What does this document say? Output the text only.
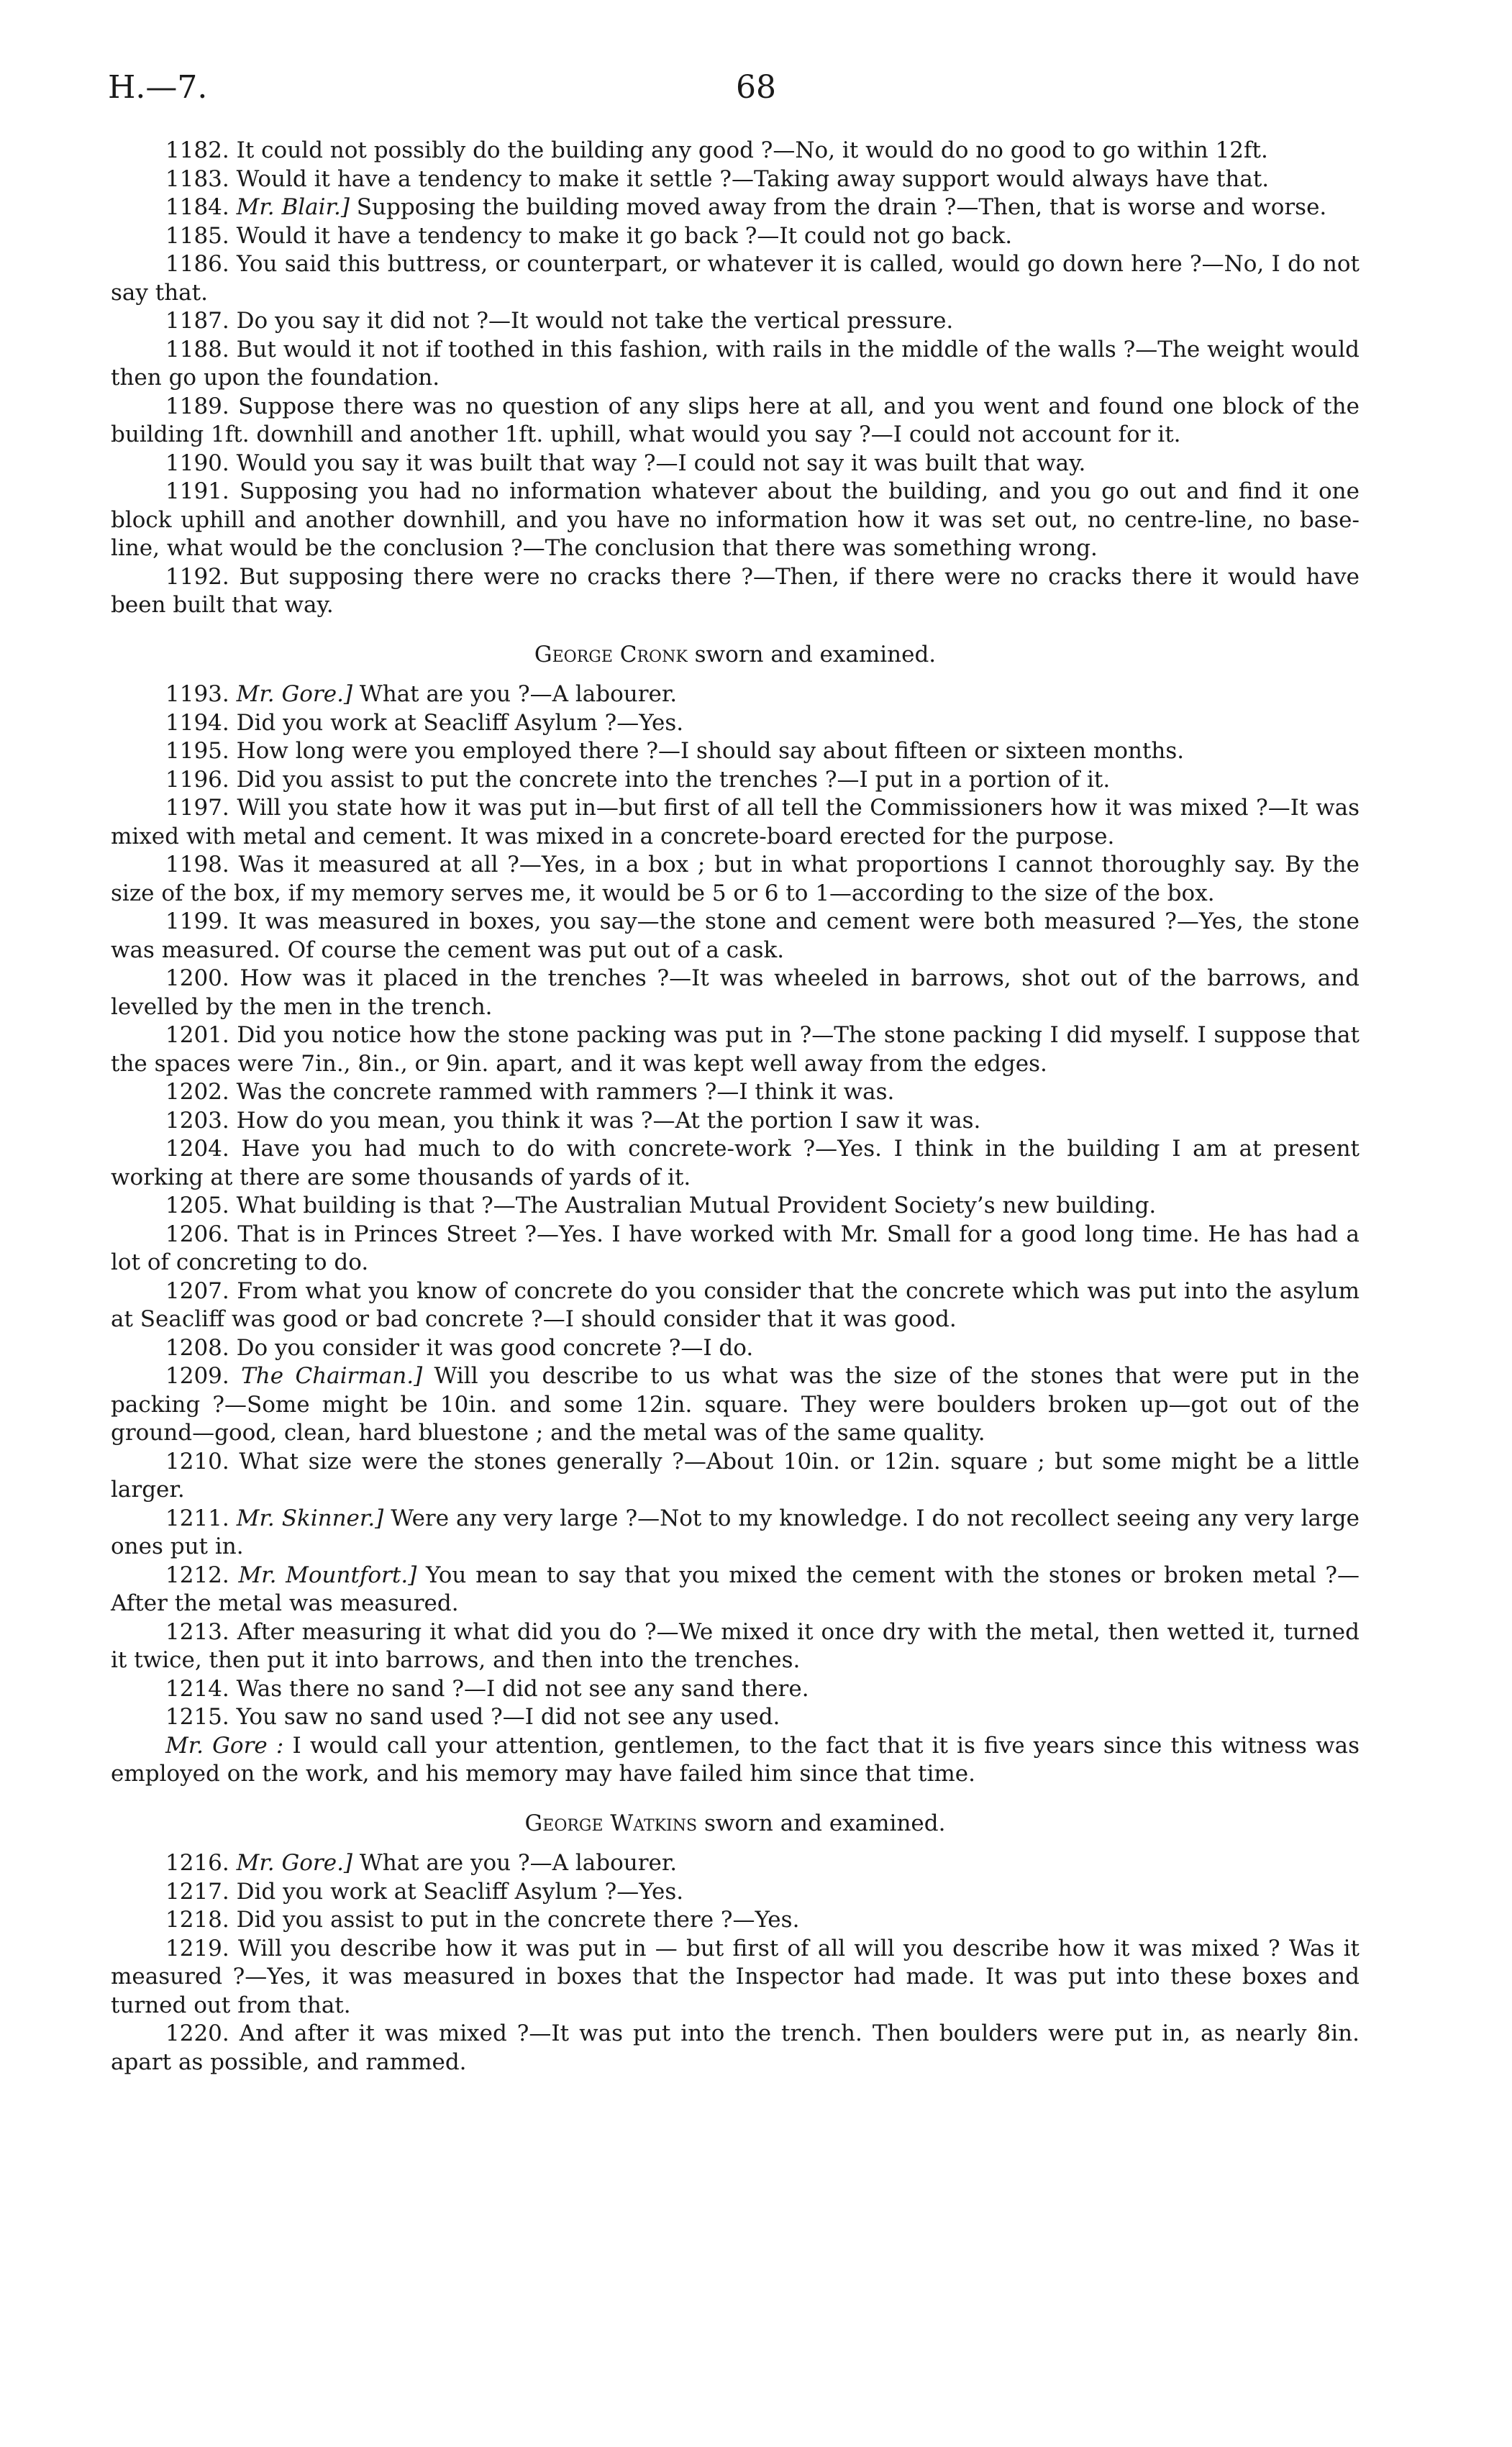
H.—7.	68

1182. It could not possibly do the building any good ?—No, it would do no good to go within 12ft.

1183. Would it have a tendency to make it settle ?—Taking away support would always have that.

1184. Mr. Blair.] Supposing the building moved away from the drain ?—Then, that is worse and worse.

1185. Would it have a tendency to make it go back ?—It could not go back.

1186. You said this buttress, or counterpart, or whatever it is called, would go down here ?—No, I do not say that.

1187. Do you say it did not ?—It would not take the vertical pressure.

1188. But would it not if toothed in this fashion, with rails in the middle of the walls ?—The weight would then go upon the foundation.

1189. Suppose there was no question of any slips here at all, and you went and found one block of the building 1ft. downhill and another 1ft. uphill, what would you say ?—I could not account for it.

1190. Would you say it was built that way ?—I could not say it was built that way.

1191. Supposing you had no information whatever about the building, and you go out and find it one block uphill and another downhill, and you have no information how it was set out, no centre-line, no base-line, what would be the conclusion ?—The conclusion that there was something wrong.

1192. But supposing there were no cracks there ?—Then, if there were no cracks there it would have been built that way.

George Cronk sworn and examined.

1193. Mr. Gore.] What are you ?—A labourer.

1194. Did you work at Seacliff Asylum ?—Yes.

1195. How long were you employed there ?—I should say about fifteen or sixteen months.

1196. Did you assist to put the concrete into the trenches ?—I put in a portion of it.

1197. Will you state how it was put in—but first of all tell the Commissioners how it was mixed ?—It was mixed with metal and cement. It was mixed in a concrete-board erected for the purpose.

1198. Was it measured at all ?—Yes, in a box ; but in what proportions I cannot thoroughly say. By the size of the box, if my memory serves me, it would be 5 or 6 to 1—according to the size of the box.

1199. It was measured in boxes, you say—the stone and cement were both measured ?—Yes, the stone was measured. Of course the cement was put out of a cask.

1200. How was it placed in the trenches ?—It was wheeled in barrows, shot out of the barrows, and levelled by the men in the trench.

1201. Did you notice how the stone packing was put in ?—The stone packing I did myself. I suppose that the spaces were 7in., 8in., or 9in. apart, and it was kept well away from the edges.

1202. Was the concrete rammed with rammers ?—I think it was.

1203. How do you mean, you think it was ?—At the portion I saw it was.

1204. Have you had much to do with concrete-work ?—Yes. I think in the building I am at present working at there are some thousands of yards of it.

1205. What building is that ?—The Australian Mutual Provident Society’s new building.

1206. That is in Princes Street ?—Yes. I have worked with Mr. Small for a good long time. He has had a lot of concreting to do.

1207. From what you know of concrete do you consider that the concrete which was put into the asylum at Seacliff was good or bad concrete ?—I should consider that it was good.

1208. Do you consider it was good concrete ?—I do.

1209. The Chairman.] Will you describe to us what was the size of the stones that were put in the packing ?—Some might be 10in. and some 12in. square. They were boulders broken up—got out of the ground—good, clean, hard bluestone ; and the metal was of the same quality.

1210. What size were the stones generally ?—About 10in. or 12in. square ; but some might be a little larger.

1211. Mr. Skinner.] Were any very large ?—Not to my knowledge. I do not recollect seeing any very large ones put in.

1212. Mr. Mountfort.] You mean to say that you mixed the cement with the stones or broken metal ?—After the metal was measured.

1213. After measuring it what did you do ?—We mixed it once dry with the metal, then wetted it, turned it twice, then put it into barrows, and then into the trenches.

1214. Was there no sand ?—I did not see any sand there.

1215. You saw no sand used ?—I did not see any used.

Mr. Gore : I would call your attention, gentlemen, to the fact that it is five years since this witness was employed on the work, and his memory may have failed him since that time.

George Watkins sworn and examined.

1216. Mr. Gore.] What are you ?—A labourer.

1217. Did you work at Seacliff Asylum ?—Yes.

1218. Did you assist to put in the concrete there ?—Yes.

1219. Will you describe how it was put in — but first of all will you describe how it was mixed ? Was it measured ?—Yes, it was measured in boxes that the Inspector had made. It was put into these boxes and turned out from that.

1220. And after it was mixed ?—It was put into the trench. Then boulders were put in, as nearly 8in. apart as possible, and rammed.
